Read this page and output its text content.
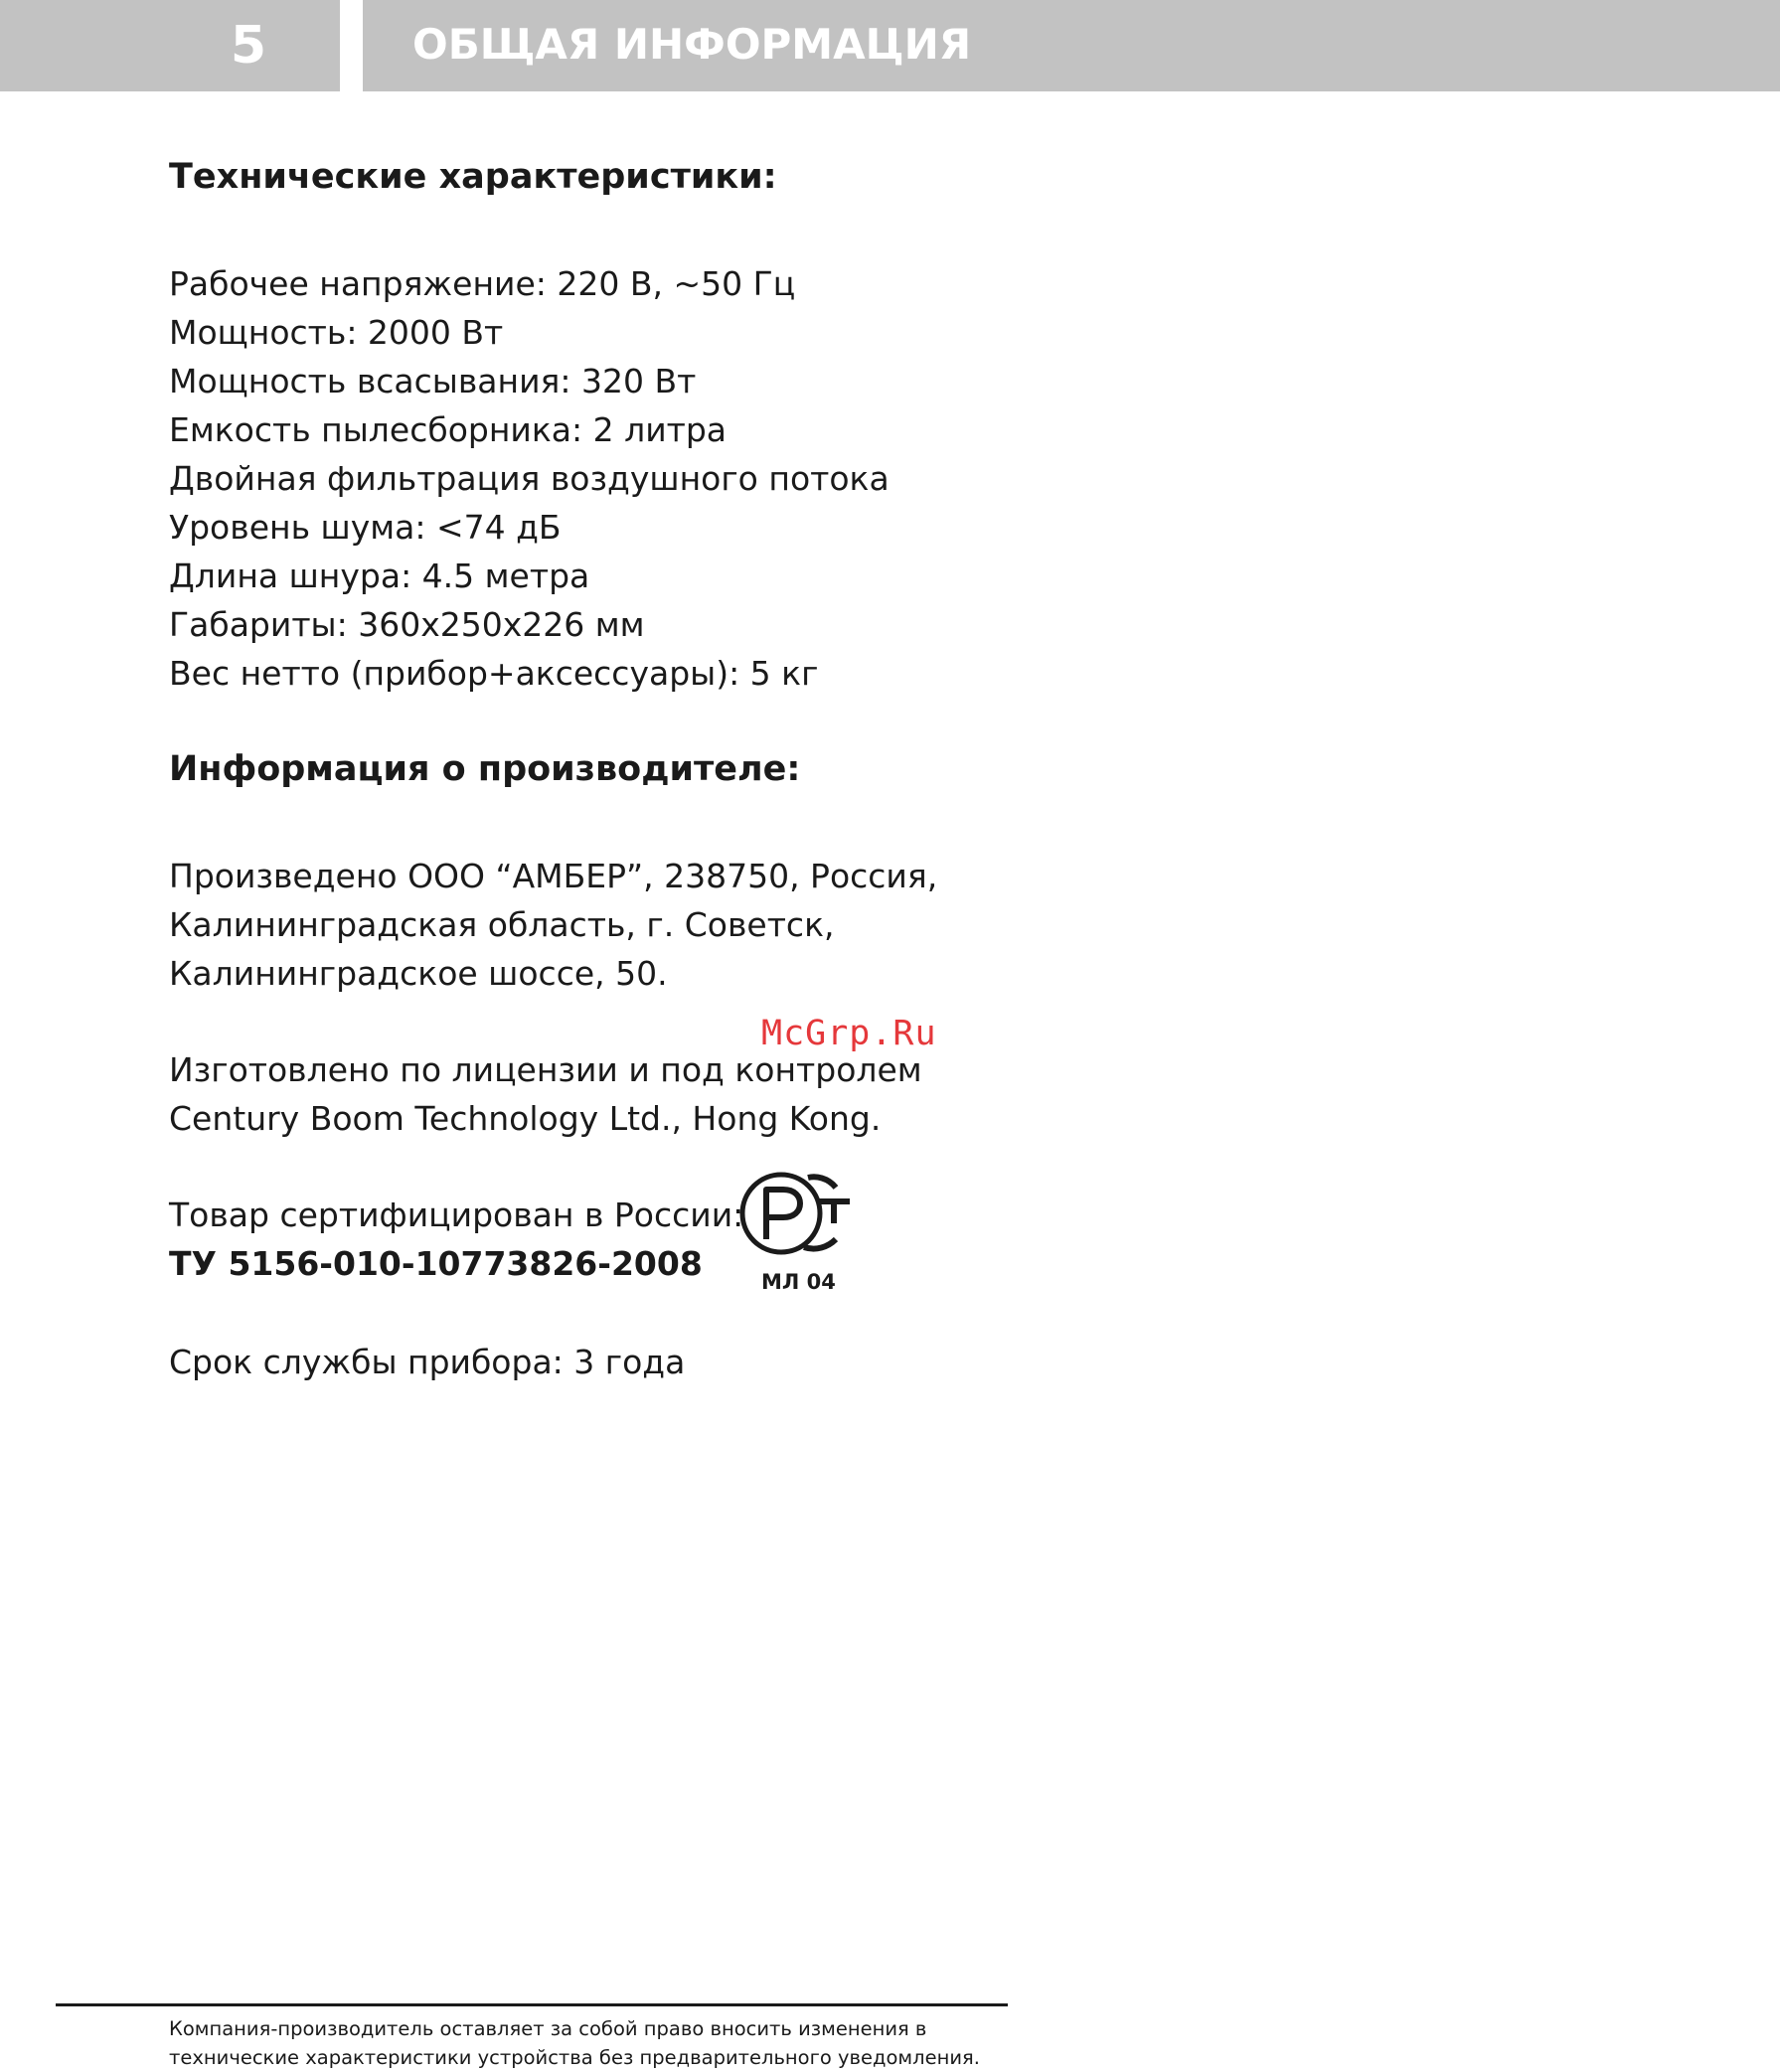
5	ОБЩАЯ ИНФОРМАЦИЯ
Технические характеристики:
Рабочее напряжение: 220 В, ~50 Гц
Мощность: 2000 Вт
Мощность всасывания: 320 Вт
Емкость пылесборника: 2 литра
Двойная фильтрация воздушного потока
Уровень шума: <74 дБ
Длина шнура: 4.5 метра
Габариты: 360х250х226 мм
Вес нетто (прибор+аксессуары): 5 кг
Информация о производителе:
Произведено ООО “АМБЕР”, 238750, Россия,
Калининградская область, г. Советск,
Калининградское шоссе, 50.
Изготовлено по лицензии и под контролем
Century Boom Technology Ltd., Hong Kong.
Товар сертифицирован в России:
ТУ 5156-010-10773826-2008
Срок службы прибора: 3 года
McGrp.Ru
МЛ 04
Компания-производитель оставляет за собой право вносить изменения в
технические характеристики устройства без предварительного уведомления.
